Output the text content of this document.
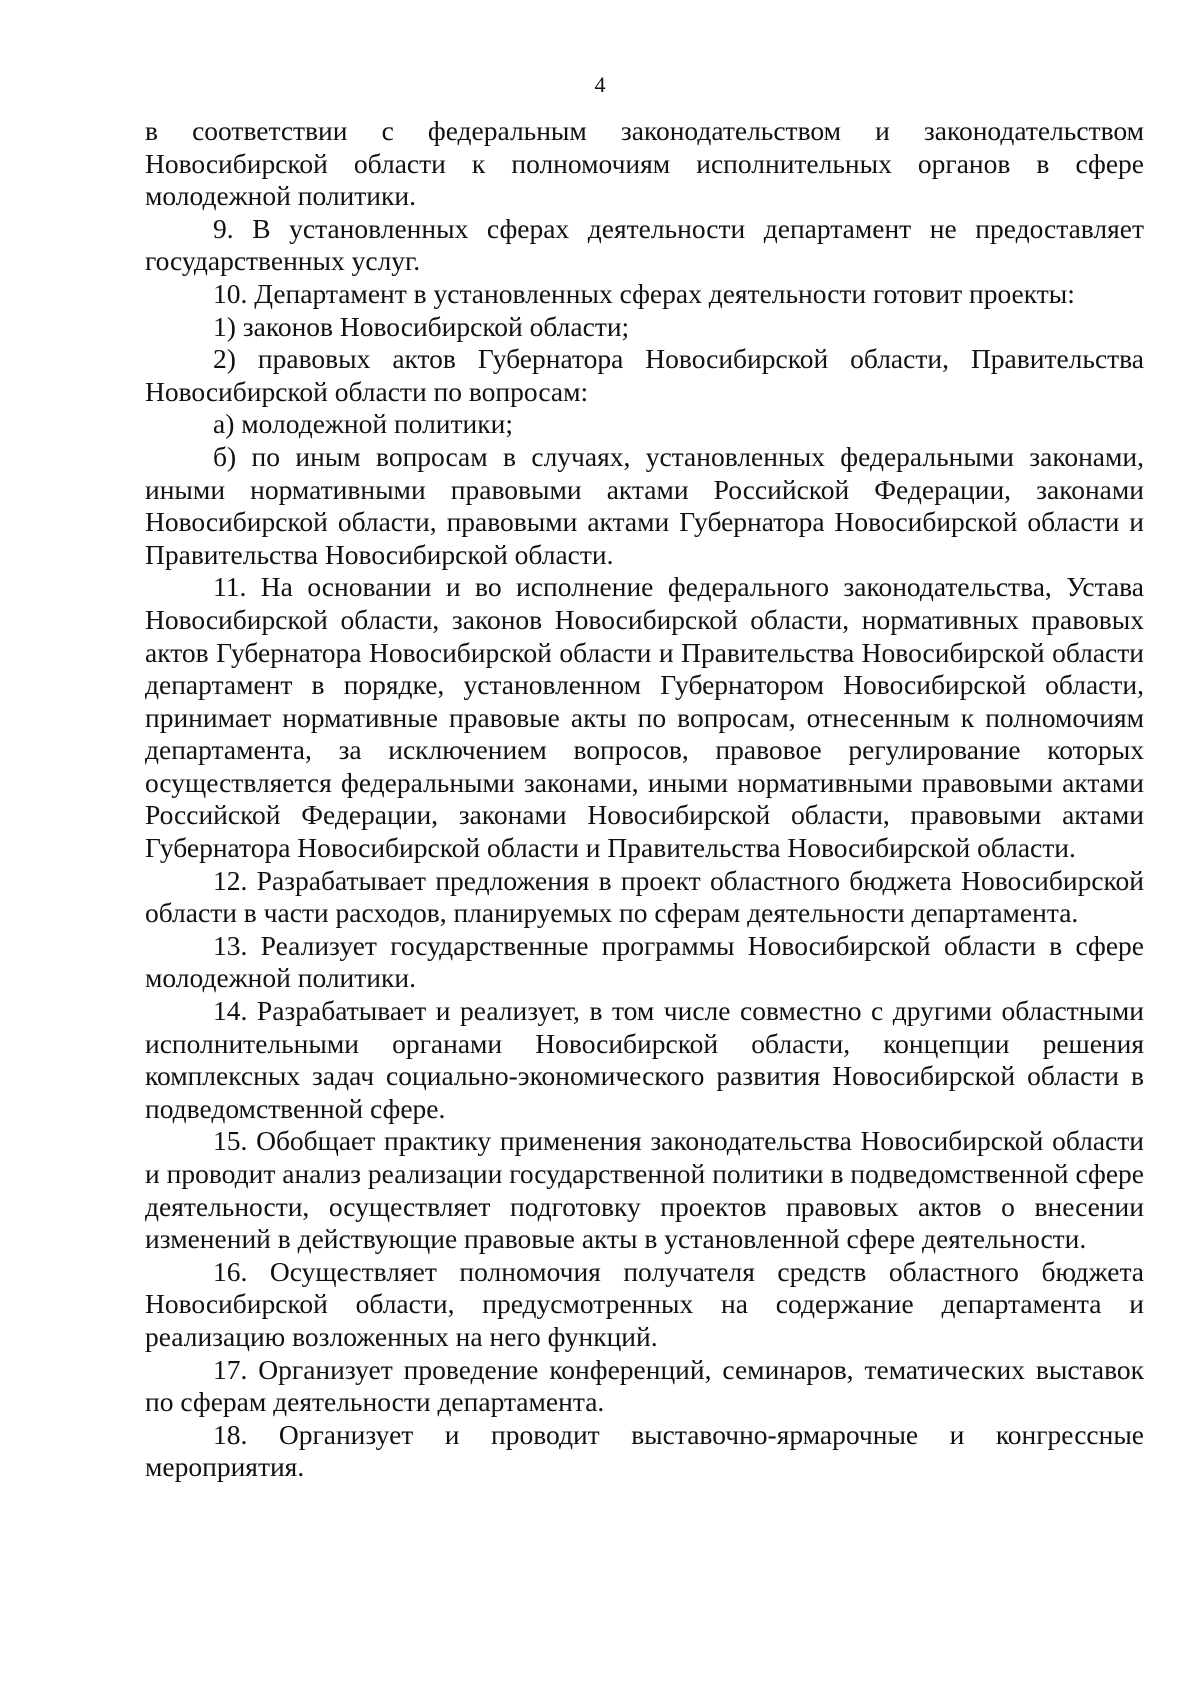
4

в соответствии с федеральным законодательством и законодательством Новосибирской области к полномочиям исполнительных органов в сфере молодежной политики.

9. В установленных сферах деятельности департамент не предоставляет государственных услуг.

10. Департамент в установленных сферах деятельности готовит проекты:

1) законов Новосибирской области;

2) правовых актов Губернатора Новосибирской области, Правительства Новосибирской области по вопросам:

а) молодежной политики;

б) по иным вопросам в случаях, установленных федеральными законами, иными нормативными правовыми актами Российской Федерации, законами Новосибирской области, правовыми актами Губернатора Новосибирской области и Правительства Новосибирской области.

11. На основании и во исполнение федерального законодательства, Устава Новосибирской области, законов Новосибирской области, нормативных правовых актов Губернатора Новосибирской области и Правительства Новосибирской области департамент в порядке, установленном Губернатором Новосибирской области, принимает нормативные правовые акты по вопросам, отнесенным к полномочиям департамента, за исключением вопросов, правовое регулирование которых осуществляется федеральными законами, иными нормативными правовыми актами Российской Федерации, законами Новосибирской области, правовыми актами Губернатора Новосибирской области и Правительства Новосибирской области.

12. Разрабатывает предложения в проект областного бюджета Новосибирской области в части расходов, планируемых по сферам деятельности департамента.

13. Реализует государственные программы Новосибирской области в сфере молодежной политики.

14. Разрабатывает и реализует, в том числе совместно с другими областными исполнительными органами Новосибирской области, концепции решения комплексных задач социально-экономического развития Новосибирской области в подведомственной сфере.

15. Обобщает практику применения законодательства Новосибирской области и проводит анализ реализации государственной политики в подведомственной сфере деятельности, осуществляет подготовку проектов правовых актов о внесении изменений в действующие правовые акты в установленной сфере деятельности.

16. Осуществляет полномочия получателя средств областного бюджета Новосибирской области, предусмотренных на содержание департамента и реализацию возложенных на него функций.

17. Организует проведение конференций, семинаров, тематических выставок по сферам деятельности департамента.

18. Организует и проводит выставочно-ярмарочные и конгрессные мероприятия.
